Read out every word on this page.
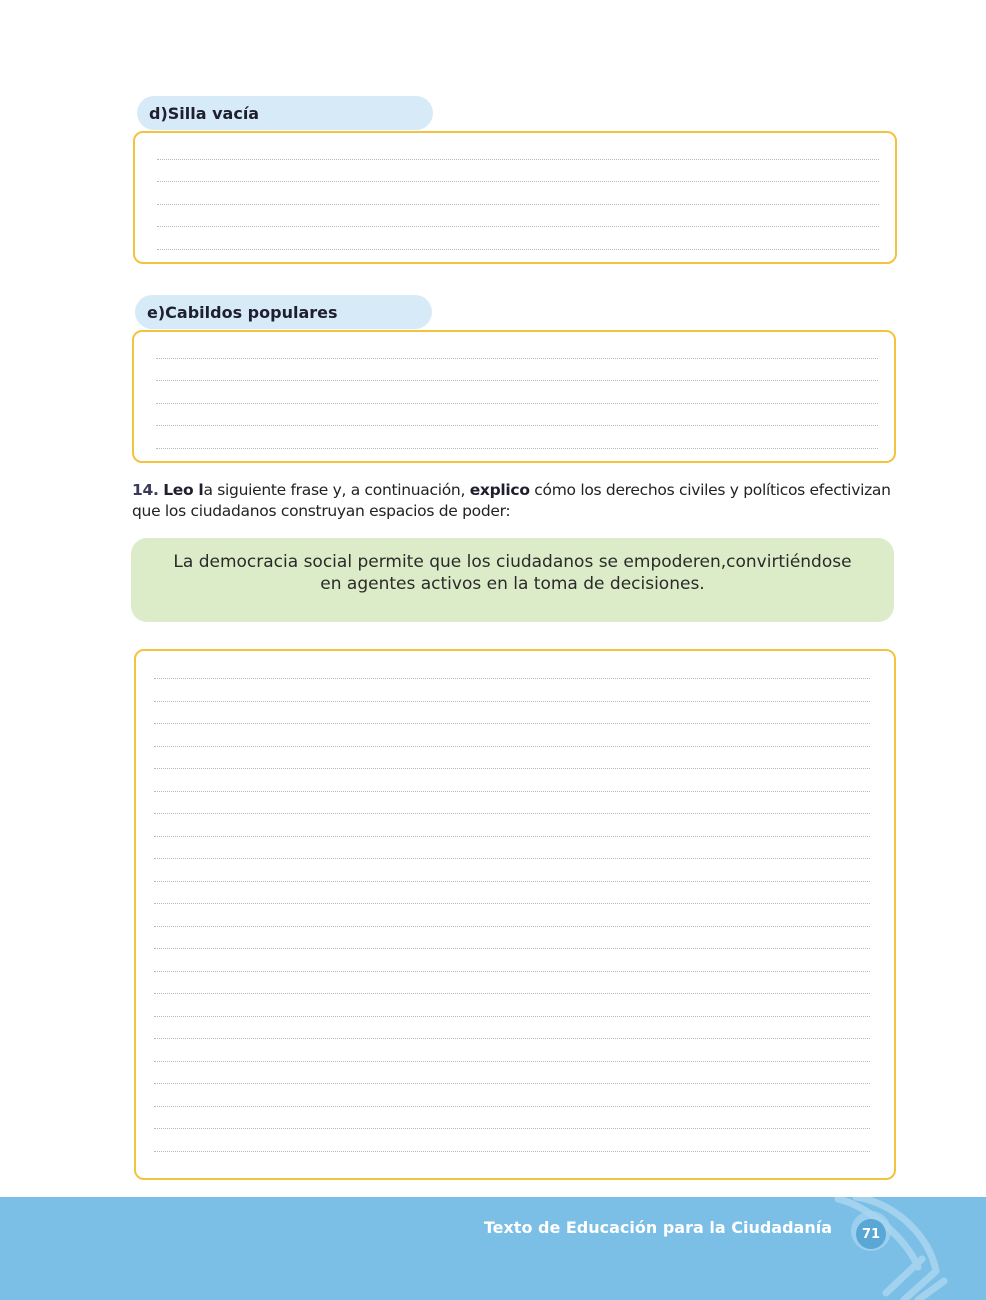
d)Silla vacía
e)Cabildos populares
14. Leo la siguiente frase y, a continuación, explico cómo los derechos civiles y políticos efectivizan que los ciudadanos construyan espacios de poder:
La democracia social permite que los ciudadanos se empoderen,convirtiéndose en agentes activos en la toma de decisiones.
Texto de Educación para la Ciudadanía 71
